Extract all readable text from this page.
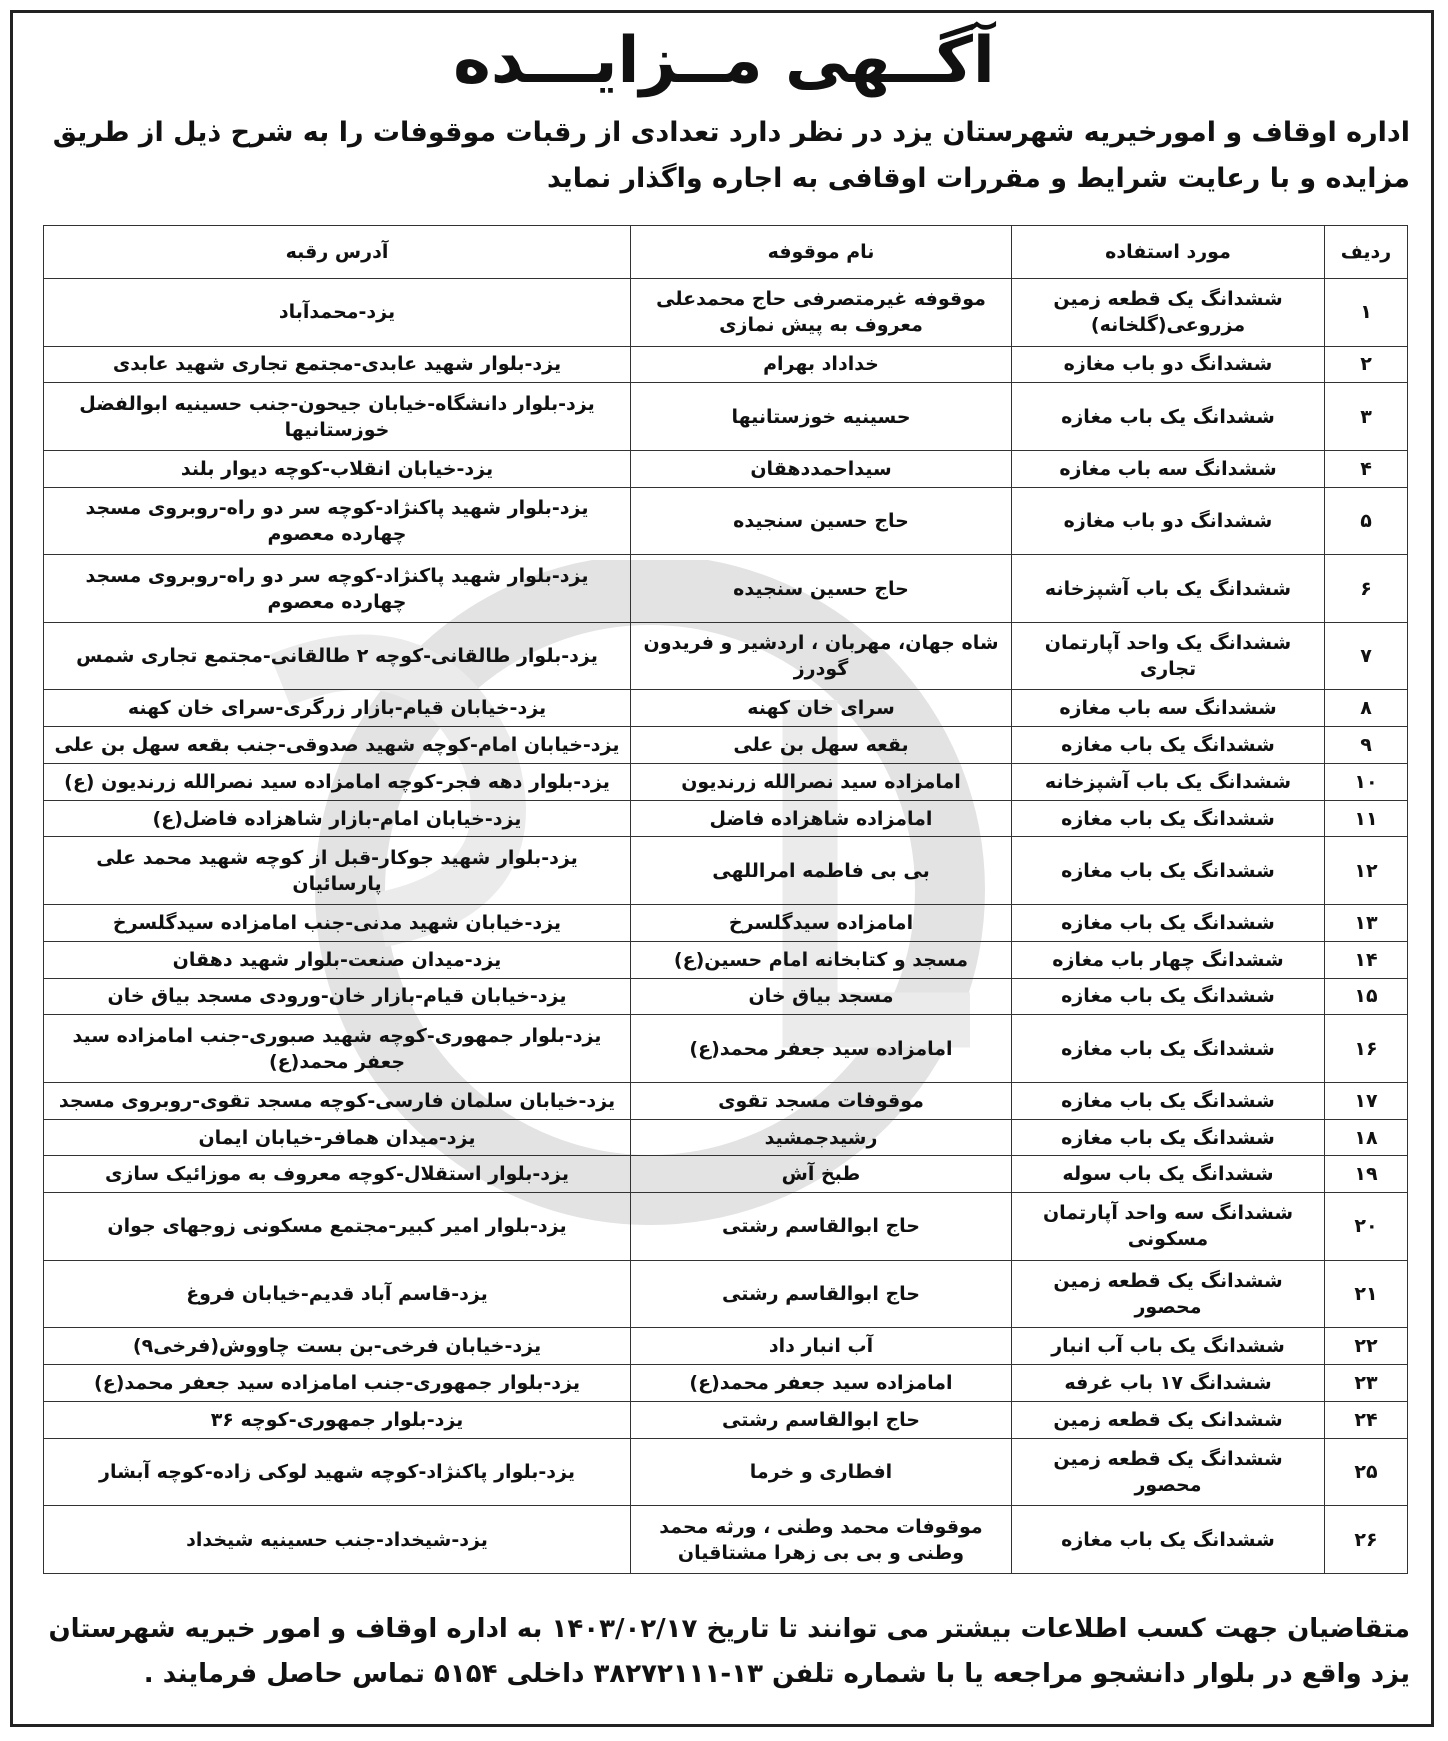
آگــهی مــزایـــده
اداره اوقاف و امورخیریه شهرستان یزد در نظر دارد تعدادی از رقبات موقوفات را به شرح ذیل از طریق مزایده و با رعایت شرایط و مقررات اوقافی به اجاره واگذار نماید
ردیف	مورد استفاده	نام موقوفه	آدرس رقبه
۱	ششدانگ یک قطعه زمین مزروعی(گلخانه)	موقوفه غیرمتصرفی حاج محمدعلی معروف به پیش نمازی	یزد-محمدآباد
۲	ششدانگ دو باب مغازه	خداداد بهرام	یزد-بلوار شهید عابدی-مجتمع تجاری شهید عابدی
۳	ششدانگ یک باب مغازه	حسینیه خوزستانیها	یزد-بلوار دانشگاه-خیابان جیحون-جنب حسینیه ابوالفضل خوزستانیها
۴	ششدانگ سه باب مغازه	سیداحمددهقان	یزد-خیابان انقلاب-کوچه دیوار بلند
۵	ششدانگ دو باب مغازه	حاج حسین سنجیده	یزد-بلوار شهید پاکنژاد-کوچه سر دو راه-روبروی مسجد چهارده معصوم
۶	ششدانگ یک باب آشپزخانه	حاج حسین سنجیده	یزد-بلوار شهید پاکنژاد-کوچه سر دو راه-روبروی مسجد چهارده معصوم
۷	ششدانگ یک واحد آپارتمان تجاری	شاه جهان، مهربان ، اردشیر و فریدون گودرز	یزد-بلوار طالقانی-کوچه ۲ طالقانی-مجتمع تجاری شمس
۸	ششدانگ سه باب مغازه	سرای خان کهنه	یزد-خیابان قیام-بازار زرگری-سرای خان کهنه
۹	ششدانگ یک باب مغازه	بقعه سهل بن علی	یزد-خیابان امام-کوچه شهید صدوقی-جنب بقعه سهل بن علی
۱۰	ششدانگ یک باب آشپزخانه	امامزاده سید نصرالله زرندیون	یزد-بلوار دهه فجر-کوچه امامزاده سید نصرالله زرندیون (ع)
۱۱	ششدانگ یک باب مغازه	امامزاده شاهزاده فاضل	یزد-خیابان امام-بازار شاهزاده فاضل(ع)
۱۲	ششدانگ یک باب مغازه	بی بی فاطمه امراللهی	یزد-بلوار شهید جوکار-قبل از کوچه شهید محمد علی پارسائیان
۱۳	ششدانگ یک باب مغازه	امامزاده سیدگلسرخ	یزد-خیابان شهید مدنی-جنب امامزاده سیدگلسرخ
۱۴	ششدانگ چهار باب مغازه	مسجد و کتابخانه امام حسین(ع)	یزد-میدان صنعت-بلوار شهید دهقان
۱۵	ششدانگ یک باب مغازه	مسجد بیاق خان	یزد-خیابان قیام-بازار خان-ورودی مسجد بیاق خان
۱۶	ششدانگ یک باب مغازه	امامزاده سید جعفر محمد(ع)	یزد-بلوار جمهوری-کوچه شهید صبوری-جنب امامزاده سید جعفر محمد(ع)
۱۷	ششدانگ یک باب مغازه	موقوفات مسجد تقوی	یزد-خیابان سلمان فارسی-کوچه مسجد تقوی-روبروی مسجد
۱۸	ششدانگ یک باب مغازه	رشیدجمشید	یزد-میدان همافر-خیابان ایمان
۱۹	ششدانگ یک باب سوله	طبخ آش	یزد-بلوار استقلال-کوچه معروف به موزائیک سازی
۲۰	ششدانگ سه واحد آپارتمان مسکونی	حاج ابوالقاسم رشتی	یزد-بلوار امیر کبیر-مجتمع مسکونی زوجهای جوان
۲۱	ششدانگ یک قطعه زمین محصور	حاج ابوالقاسم رشتی	یزد-قاسم آباد قدیم-خیابان فروغ
۲۲	ششدانگ یک باب آب انبار	آب انبار داد	یزد-خیابان فرخی-بن بست چاووش(فرخی۹)
۲۳	ششدانگ ۱۷ باب غرفه	امامزاده سید جعفر محمد(ع)	یزد-بلوار جمهوری-جنب امامزاده سید جعفر محمد(ع)
۲۴	ششدانک یک قطعه زمین	حاج ابوالقاسم رشتی	یزد-بلوار جمهوری-کوچه ۳۶
۲۵	ششدانگ یک قطعه زمین محصور	افطاری و خرما	یزد-بلوار پاکنژاد-کوچه شهید لوکی زاده-کوچه آبشار
۲۶	ششدانگ یک باب مغازه	موقوفات محمد وطنی ، ورثه محمد وطنی و بی بی زهرا مشتاقیان	یزد-شیخداد-جنب حسینیه شیخداد
متقاضیان جهت کسب اطلاعات بیشتر می توانند تا تاریخ ۱۴۰۳/۰۲/۱۷ به اداره اوقاف و امور خیریه شهرستان یزد واقع در بلوار دانشجو مراجعه یا با شماره تلفن ۱۳-۳۸۲۷۲۱۱۱ داخلی ۵۱۵۴ تماس حاصل فرمایند .
